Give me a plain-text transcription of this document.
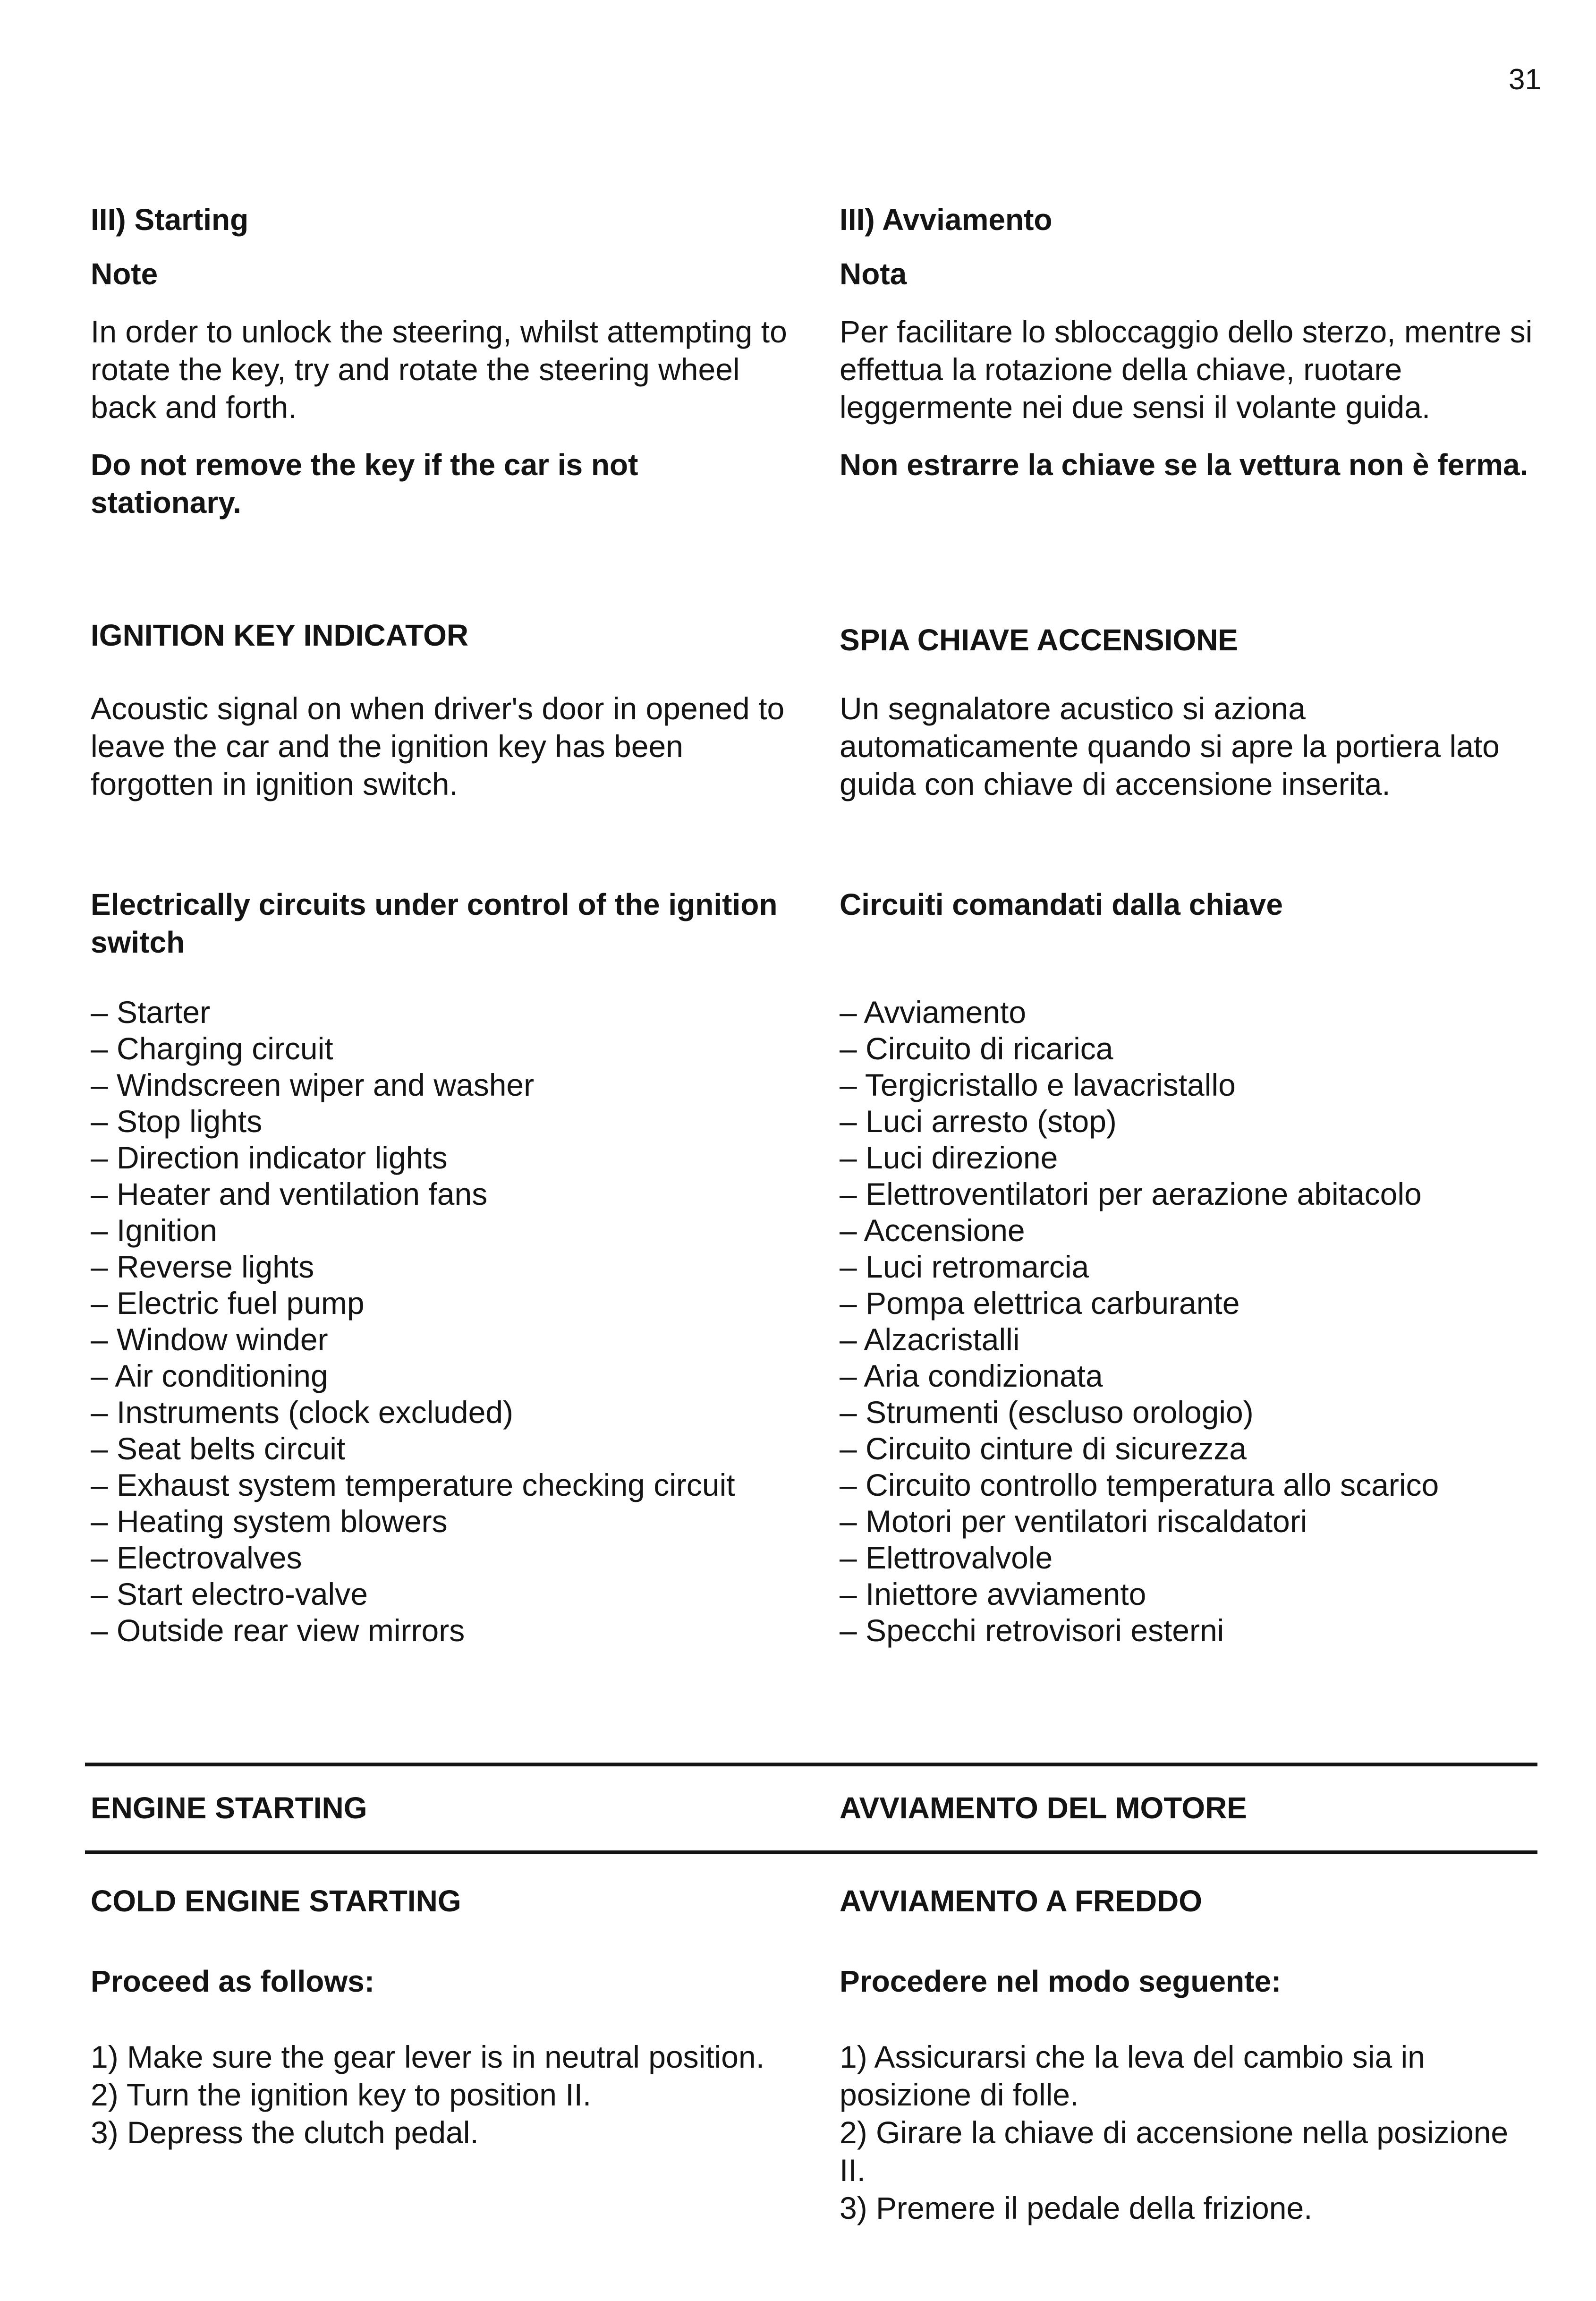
31

III) Starting

Note

In order to unlock the steering, whilst attempting to rotate the key, try and rotate the steering wheel back and forth.

Do not remove the key if the car is not stationary.

III) Avviamento

Nota

Per facilitare lo sbloccaggio dello sterzo, mentre si effettua la rotazione della chiave, ruotare leggermente nei due sensi il volante guida.

Non estrarre la chiave se la vettura non è ferma.

IGNITION KEY INDICATOR

Acoustic signal on when driver's door in opened to leave the car and the ignition key has been forgotten in ignition switch.

SPIA CHIAVE ACCENSIONE

Un segnalatore acustico si aziona automaticamente quando si apre la portiera lato guida con chiave di accensione inserita.

Electrically circuits under control of the ignition switch

– Starter
– Charging circuit
– Windscreen wiper and washer
– Stop lights
– Direction indicator lights
– Heater and ventilation fans
– Ignition
– Reverse lights
– Electric fuel pump
– Window winder
– Air conditioning
– Instruments (clock excluded)
– Seat belts circuit
– Exhaust system temperature checking circuit
– Heating system blowers
– Electrovalves
– Start electro-valve
– Outside rear view mirrors

Circuiti comandati dalla chiave

– Avviamento
– Circuito di ricarica
– Tergicristallo e lavacristallo
– Luci arresto (stop)
– Luci direzione
– Elettroventilatori per aerazione abitacolo
– Accensione
– Luci retromarcia
– Pompa elettrica carburante
– Alzacristalli
– Aria condizionata
– Strumenti (escluso orologio)
– Circuito cinture di sicurezza
– Circuito controllo temperatura allo scarico
– Motori per ventilatori riscaldatori
– Elettrovalvole
– Iniettore avviamento
– Specchi retrovisori esterni

ENGINE STARTING	AVVIAMENTO DEL MOTORE

COLD ENGINE STARTING

Proceed as follows:

1) Make sure the gear lever is in neutral position.

2) Turn the ignition key to position II.

3) Depress the clutch pedal.

AVVIAMENTO A FREDDO

Procedere nel modo seguente:

1) Assicurarsi che la leva del cambio sia in posizione di folle.

2) Girare la chiave di accensione nella posizione II.

3) Premere il pedale della frizione.
